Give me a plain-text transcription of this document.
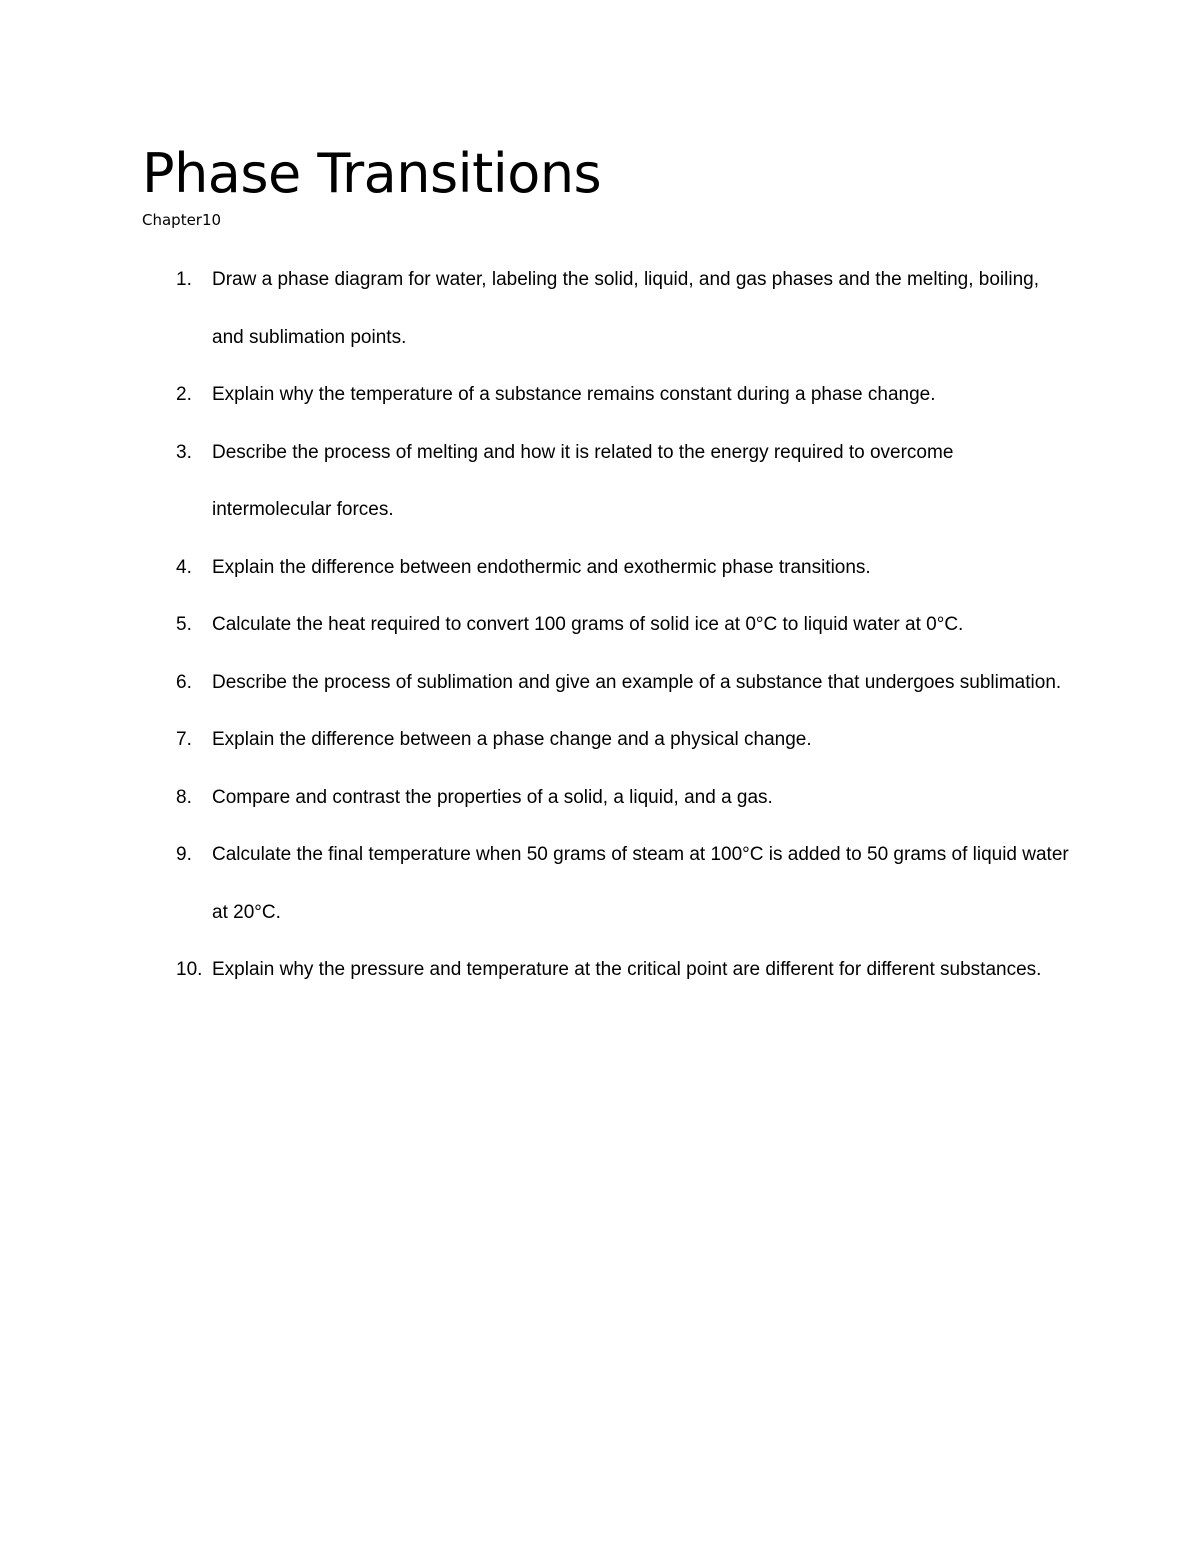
Phase Transitions

Chapter10

1.	Draw a phase diagram for water, labeling the solid, liquid, and gas phases and the melting, boiling, and sublimation points.
2.	Explain why the temperature of a substance remains constant during a phase change.
3.	Describe the process of melting and how it is related to the energy required to overcome intermolecular forces.
4.	Explain the difference between endothermic and exothermic phase transitions.
5.	Calculate the heat required to convert 100 grams of solid ice at 0°C to liquid water at 0°C.
6.	Describe the process of sublimation and give an example of a substance that undergoes sublimation.
7.	Explain the difference between a phase change and a physical change.
8.	Compare and contrast the properties of a solid, a liquid, and a gas.
9.	Calculate the final temperature when 50 grams of steam at 100°C is added to 50 grams of liquid water at 20°C.
10. Explain why the pressure and temperature at the critical point are different for different substances.
